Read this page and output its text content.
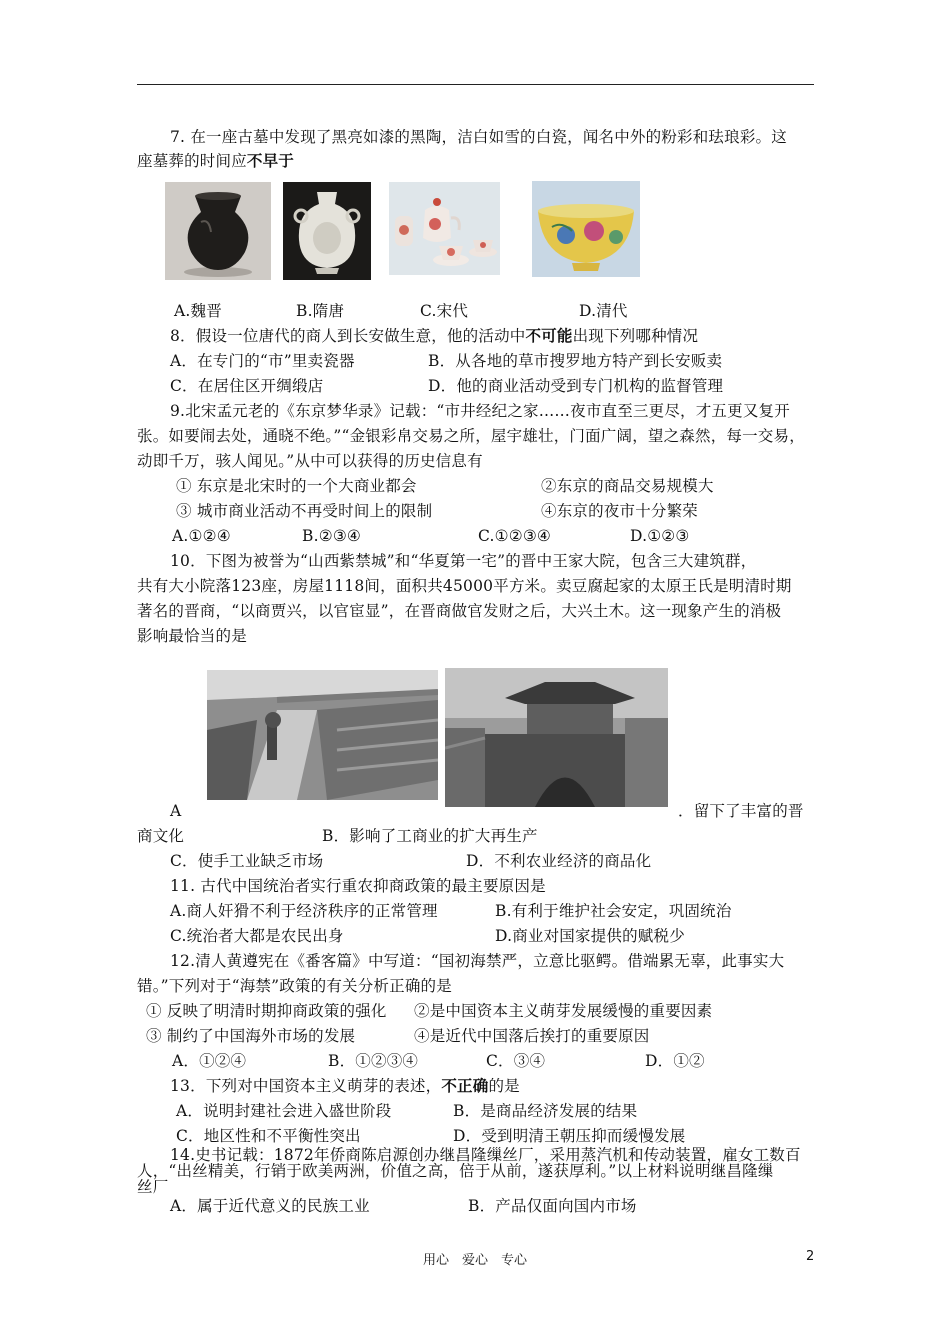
7. 在一座古墓中发现了黑亮如漆的黑陶，洁白如雪的白瓷，闻名中外的粉彩和珐琅彩。这
座墓葬的时间应不早于
A.魏晋	B.隋唐	C.宋代	D.清代
8．假设一位唐代的商人到长安做生意，他的活动中不可能出现下列哪种情况
A．在专门的“市”里卖瓷器	B．从各地的草市搜罗地方特产到长安贩卖
C．在居住区开绸缎店	D．他的商业活动受到专门机构的监督管理
9.北宋孟元老的《东京梦华录》记载：“市井经纪之家……夜市直至三更尽，才五更又复开
张。如要闹去处，通晓不绝。”“金银彩帛交易之所，屋宇雄壮，门面广阔，望之森然，每一交易，
动即千万，骇人闻见。”从中可以获得的历史信息有
① 东京是北宋时的一个大商业都会	②东京的商品交易规模大
③ 城市商业活动不再受时间上的限制	④东京的夜市十分繁荣
A.①②④	B.②③④	C.①②③④	D.①②③
10．下图为被誉为“山西紫禁城”和“华夏第一宅”的晋中王家大院，包含三大建筑群，
共有大小院落123座，房屋1118间，面积共45000平方米。卖豆腐起家的太原王氏是明清时期
著名的晋商，“以商贾兴，以官宦显”，在晋商做官发财之后，大兴土木。这一现象产生的消极
影响最恰当的是
A	．留下了丰富的晋
商文化	B．影响了工商业的扩大再生产
C．使手工业缺乏市场	D．不利农业经济的商品化
11. 古代中国统治者实行重农抑商政策的最主要原因是
A.商人奸猾不利于经济秩序的正常管理	B.有利于维护社会安定，巩固统治
C.统治者大都是农民出身	D.商业对国家提供的赋税少
12.清人黄遵宪在《番客篇》中写道：“国初海禁严，立意比驱鳄。借端累无辜，此事实大
错。”下列对于“海禁”政策的有关分析正确的是
① 反映了明清时期抑商政策的强化 ②是中国资本主义萌芽发展缓慢的重要因素
③ 制约了中国海外市场的发展	④是近代中国落后挨打的重要原因
A．①②④	B．①②③④	C．③④	D．①②
13．下列对中国资本主义萌芽的表述，不正确的是
A．说明封建社会进入盛世阶段	B．是商品经济发展的结果
C．地区性和不平衡性突出	D．受到明清王朝压抑而缓慢发展
14.史书记载：1872年侨商陈启源创办继昌隆缫丝厂，采用蒸汽机和传动装置，雇女工数百
人，“出丝精美，行销于欧美两洲，价值之高，倍于从前，遂获厚利。”以上材料说明继昌隆缫
丝厂
A．属于近代意义的民族工业	B．产品仅面向国内市场
用心　爱心　专心	2
